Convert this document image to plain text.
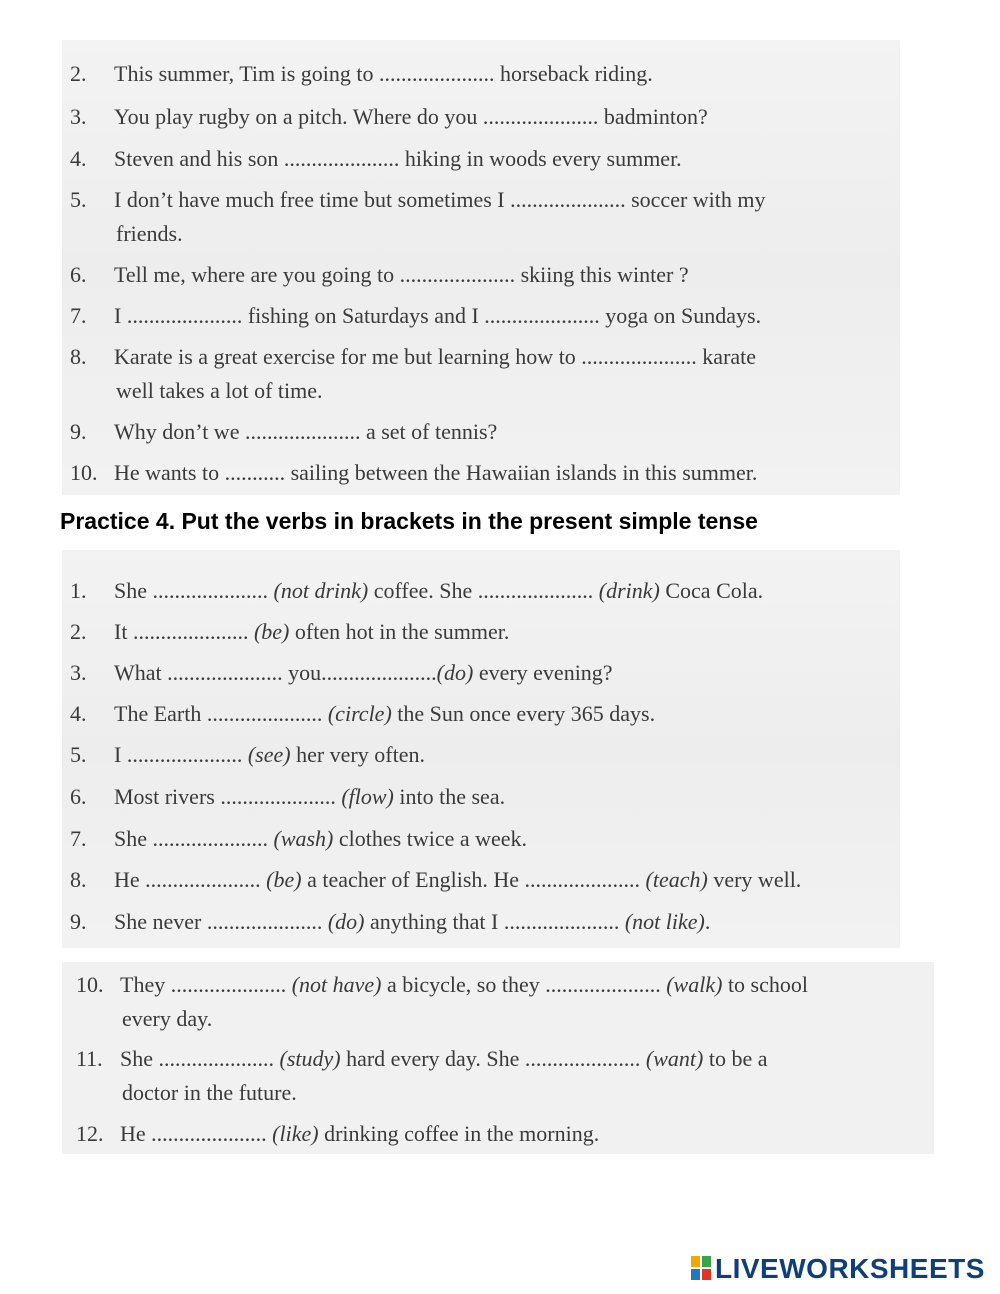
2. This summer, Tim is going to ..................... horseback riding.
3. You play rugby on a pitch. Where do you ..................... badminton?
4. Steven and his son ..................... hiking in woods every summer.
5. I don’t have much free time but sometimes I ..................... soccer with my
friends.
6. Tell me, where are you going to ..................... skiing this winter ?
7. I ..................... fishing on Saturdays and I ..................... yoga on Sundays.
8. Karate is a great exercise for me but learning how to ..................... karate
well takes a lot of time.
9. Why don’t we ..................... a set of tennis?
10. He wants to ........... sailing between the Hawaiian islands in this summer.
Practice 4. Put the verbs in brackets in the present simple tense
1. She ..................... (not drink) coffee. She ..................... (drink) Coca Cola.
2. It ..................... (be) often hot in the summer.
3. What ..................... you.....................(do) every evening?
4. The Earth ..................... (circle) the Sun once every 365 days.
5. I ..................... (see) her very often.
6. Most rivers ..................... (flow) into the sea.
7. She ..................... (wash) clothes twice a week.
8. He ..................... (be) a teacher of English. He ..................... (teach) very well.
9. She never ..................... (do) anything that I ..................... (not like).
10. They ..................... (not have) a bicycle, so they ..................... (walk) to school
every day.
11. She ..................... (study) hard every day. She ..................... (want) to be a
doctor in the future.
12. He ..................... (like) drinking coffee in the morning.
LIVEWORKSHEETS
